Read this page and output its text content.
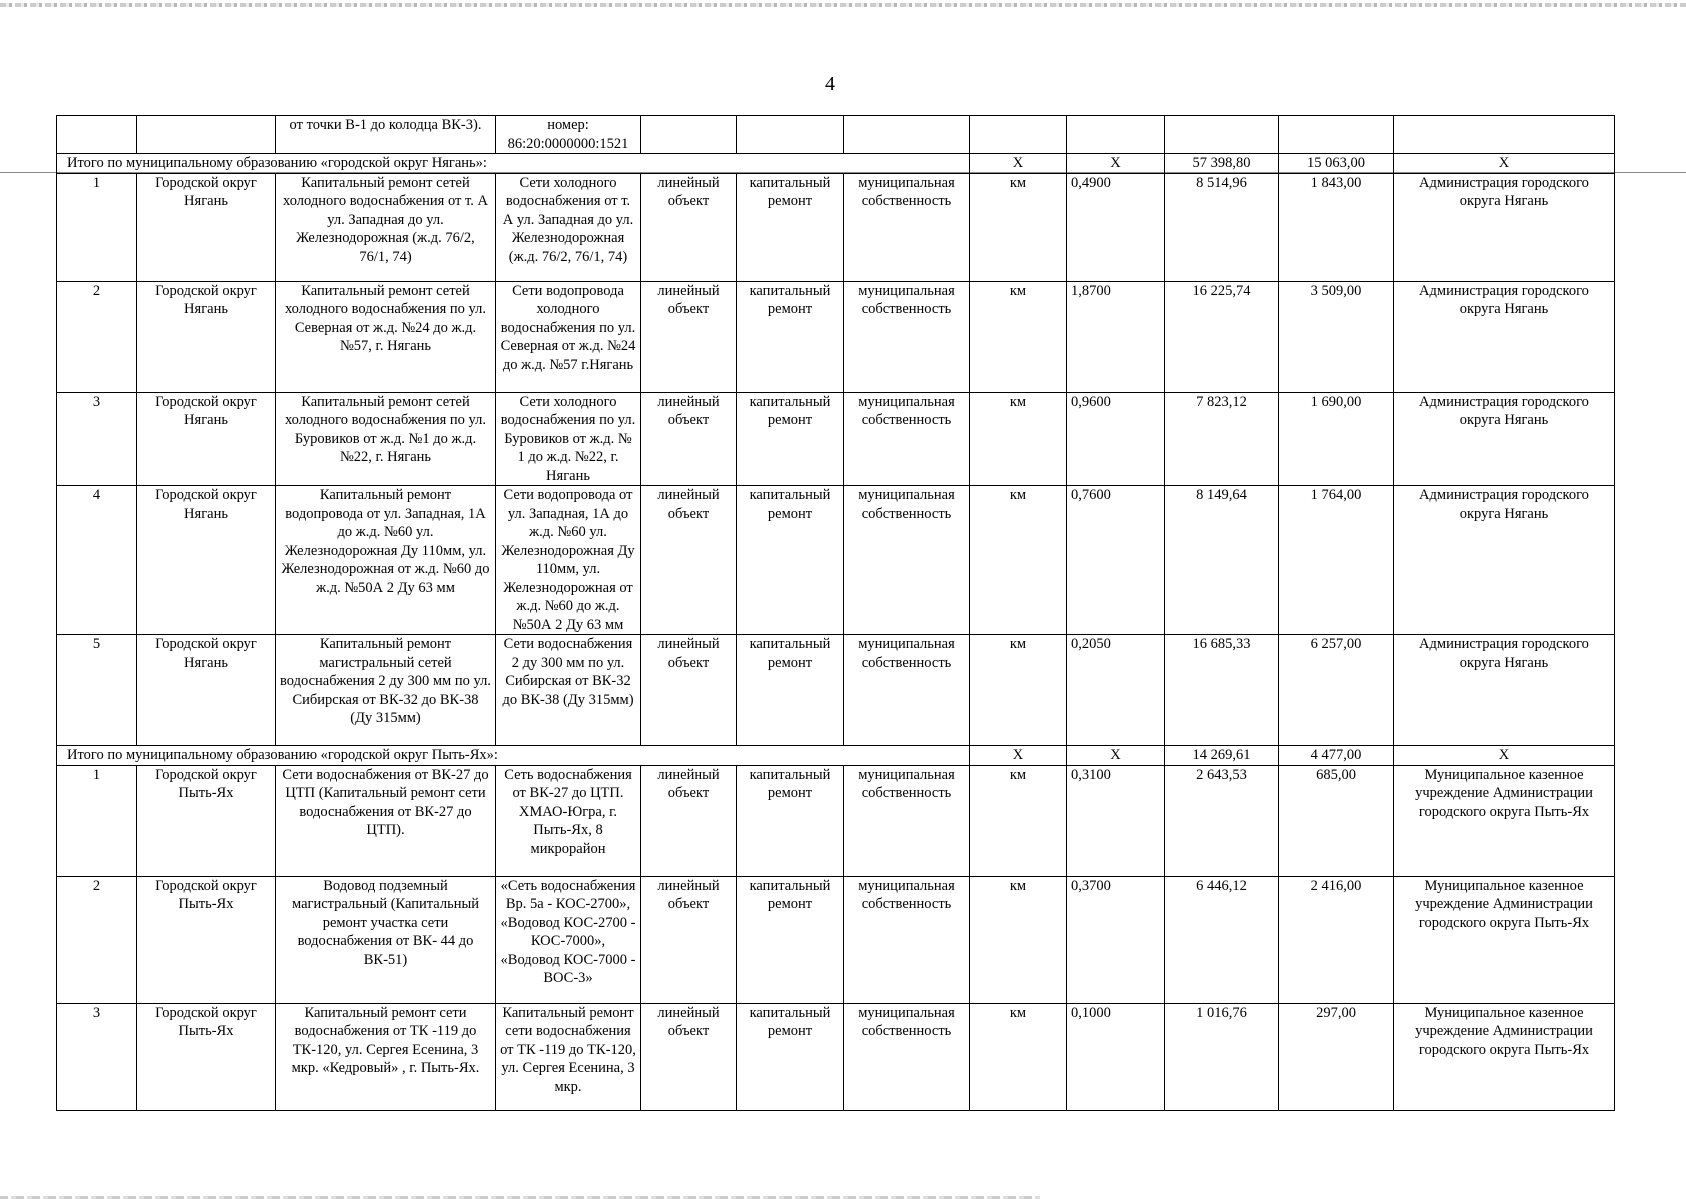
4
		от точки В-1 до колодца ВК-3).	номер: 86:20:0000000:1521								
Итого по муниципальному образованию «городской округ Нягань»:							Х	Х	57 398,80	15 063,00	Х
1	Городской округ Нягань	Капитальный ремонт сетей холодного водоснабжения от т. А ул. Западная до ул. Железнодорожная (ж.д. 76/2, 76/1, 74)	Сети холодного водоснабжения от т. А ул. Западная до ул. Железнодорожная (ж.д. 76/2, 76/1, 74)	линейный объект	капитальный ремонт	муниципальная собственность	км	0,4900	8 514,96	1 843,00	Администрация городского округа Нягань
2	Городской округ Нягань	Капитальный ремонт сетей холодного водоснабжения по ул. Северная от ж.д. №24 до ж.д. №57, г. Нягань	Сети водопровода холодного водоснабжения по ул. Северная от ж.д. №24 до ж.д. №57 г.Нягань	линейный объект	капитальный ремонт	муниципальная собственность	км	1,8700	16 225,74	3 509,00	Администрация городского округа Нягань
3	Городской округ Нягань	Капитальный ремонт сетей холодного водоснабжения по ул. Буровиков от ж.д. №1 до ж.д. №22, г. Нягань	Сети холодного водоснабжения по ул. Буровиков от ж.д. № 1 до ж.д. №22, г. Нягань	линейный объект	капитальный ремонт	муниципальная собственность	км	0,9600	7 823,12	1 690,00	Администрация городского округа Нягань
4	Городской округ Нягань	Капитальный ремонт водопровода от ул. Западная, 1А до ж.д. №60 ул. Железнодорожная Ду 110мм, ул. Железнодорожная от ж.д. №60 до ж.д. №50А 2 Ду 63 мм	Сети водопровода от ул. Западная, 1А до ж.д. №60 ул. Железнодорожная Ду 110мм, ул. Железнодорожная от ж.д. №60 до ж.д. №50А 2 Ду 63 мм	линейный объект	капитальный ремонт	муниципальная собственность	км	0,7600	8 149,64	1 764,00	Администрация городского округа Нягань
5	Городской округ Нягань	Капитальный ремонт магистральный сетей водоснабжения 2 ду 300 мм по ул. Сибирская от ВК-32 до ВК-38 (Ду 315мм)	Сети водоснабжения 2 ду 300 мм по ул. Сибирская от ВК-32 до ВК-38 (Ду 315мм)	линейный объект	капитальный ремонт	муниципальная собственность	км	0,2050	16 685,33	6 257,00	Администрация городского округа Нягань
Итого по муниципальному образованию «городской округ Пыть-Ях»:							Х	Х	14 269,61	4 477,00	Х
1	Городской округ Пыть-Ях	Сети водоснабжения от ВК-27 до ЦТП (Капитальный ремонт сети водоснабжения от ВК-27 до ЦТП).	Сеть водоснабжения от ВК-27 до ЦТП. ХМАО-Югра, г. Пыть-Ях, 8 микрорайон	линейный объект	капитальный ремонт	муниципальная собственность	км	0,3100	2 643,53	685,00	Муниципальное казенное учреждение Администрации городского округа Пыть-Ях
2	Городской округ Пыть-Ях	Водовод подземный магистральный (Капитальный ремонт участка сети водоснабжения от ВК- 44 до ВК-51)	«Сеть водоснабжения Вр. 5а - КОС-2700», «Водовод КОС-2700 - КОС-7000», «Водовод КОС-7000 - ВОС-3»	линейный объект	капитальный ремонт	муниципальная собственность	км	0,3700	6 446,12	2 416,00	Муниципальное казенное учреждение Администрации городского округа Пыть-Ях
3	Городской округ Пыть-Ях	Капитальный ремонт сети водоснабжения от ТК -119 до ТК-120, ул. Сергея Есенина, 3 мкр. «Кедровый» , г. Пыть-Ях.	Капитальный ремонт сети водоснабжения от ТК -119 до ТК-120, ул. Сергея Есенина, 3 мкр.	линейный объект	капитальный ремонт	муниципальная собственность	км	0,1000	1 016,76	297,00	Муниципальное казенное учреждение Администрации городского округа Пыть-Ях
